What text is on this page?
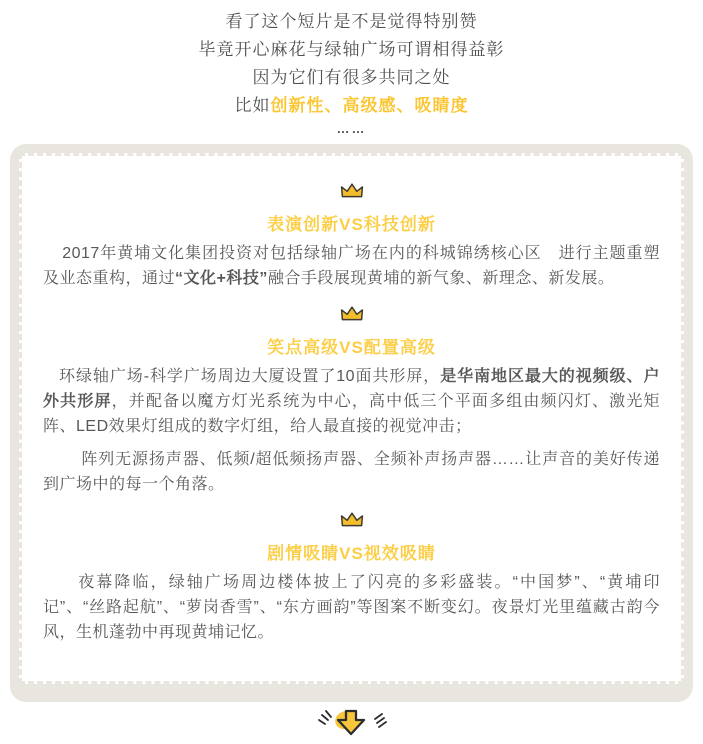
看了这个短片是不是觉得特别赞

毕竟开心麻花与绿轴广场可谓相得益彰

因为它们有很多共同之处

比如创新性、高级感、吸睛度

……

表演创新VS科技创新

2017年黄埔文化集团投资对包括绿轴广场在内的科城锦绣核心区　进行主题重塑及业态重构，通过“文化+科技”融合手段展现黄埔的新气象、新理念、新发展。

笑点高级VS配置高级

环绿轴广场-科学广场周边大厦设置了10面共形屏，是华南地区最大的视频级、户外共形屏，并配备以魔方灯光系统为中心，高中低三个平面多组由频闪灯、激光矩阵、LED效果灯组成的数字灯组，给人最直接的视觉冲击；

阵列无源扬声器、低频/超低频扬声器、全频补声扬声器……让声音的美好传递到广场中的每一个角落。

剧情吸睛VS视效吸睛

夜幕降临，绿轴广场周边楼体披上了闪亮的多彩盛装。“中国梦”、“黄埔印记”、“丝路起航”、“萝岗香雪”、“东方画韵”等图案不断变幻。夜景灯光里蕴藏古韵今风，生机蓬勃中再现黄埔记忆。
